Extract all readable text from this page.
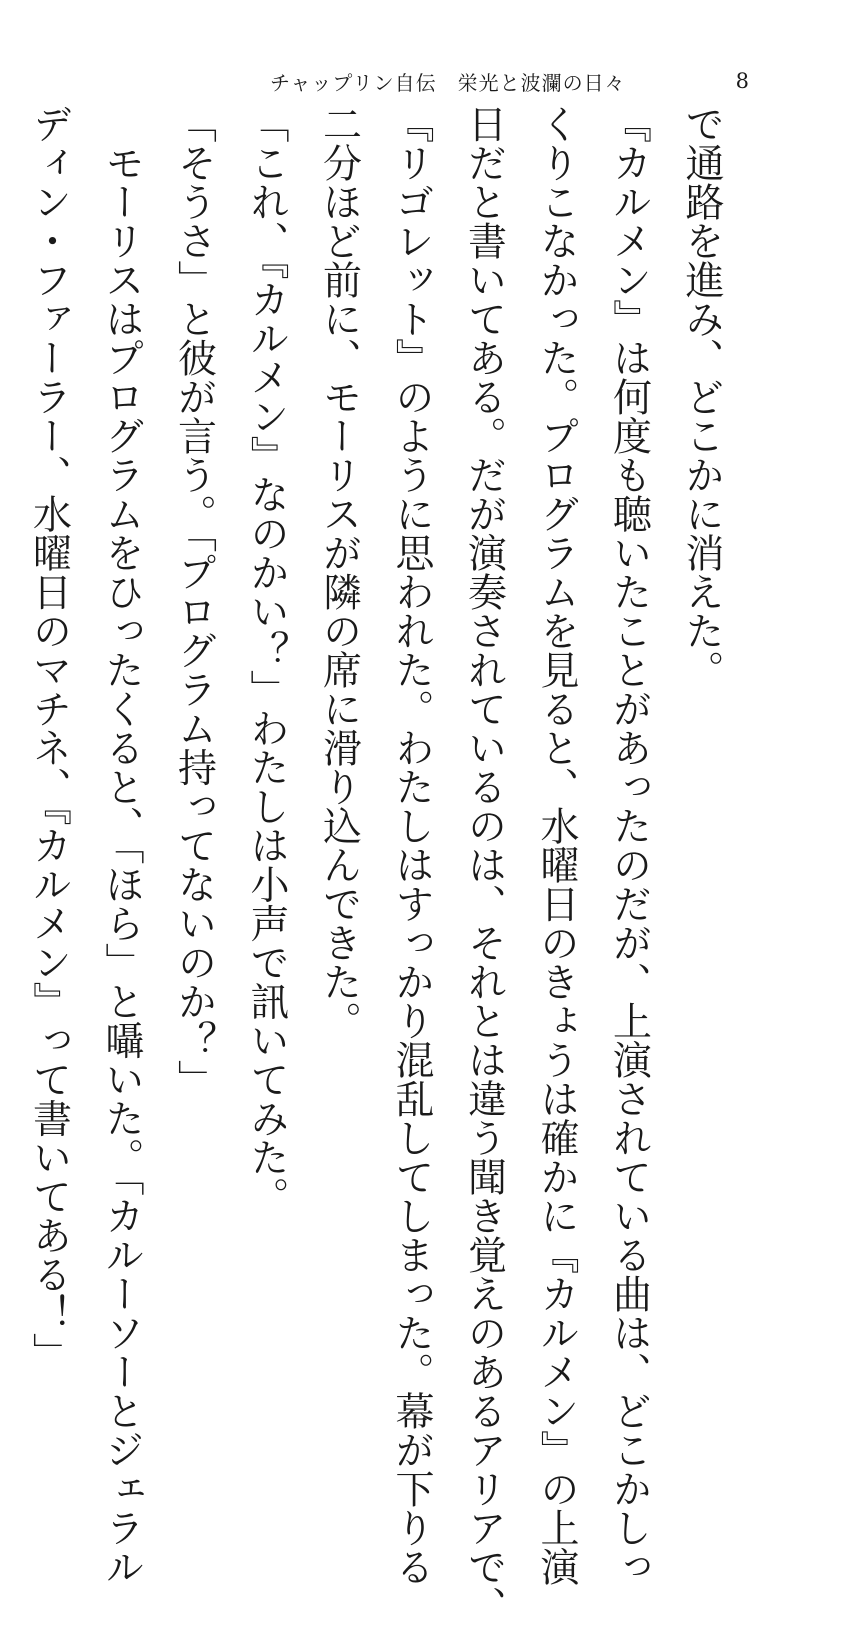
チャップリン自伝　栄光と波瀾の日々	8
で通路を進み、どこかに消えた。
『カルメン』は何度も聴いたことがあったのだが、上演されている曲は、どこかしっ
くりこなかった。プログラムを見ると、水曜日のきょうは確かに『カルメン』の上演
日だと書いてある。だが演奏されているのは、それとは違う聞き覚えのあるアリアで、
『リゴレット』のように思われた。わたしはすっかり混乱してしまった。幕が下りる
二分ほど前に、モーリスが隣の席に滑り込んできた。
「これ、『カルメン』なのかい？」わたしは小声で訊いてみた。
「そうさ」と彼が言う。「プログラム持ってないのか？」
　モーリスはプログラムをひったくると、「ほら」と囁いた。「カルーソーとジェラル
ディン・ファーラー、水曜日のマチネ、『カルメン』って書いてある！」
